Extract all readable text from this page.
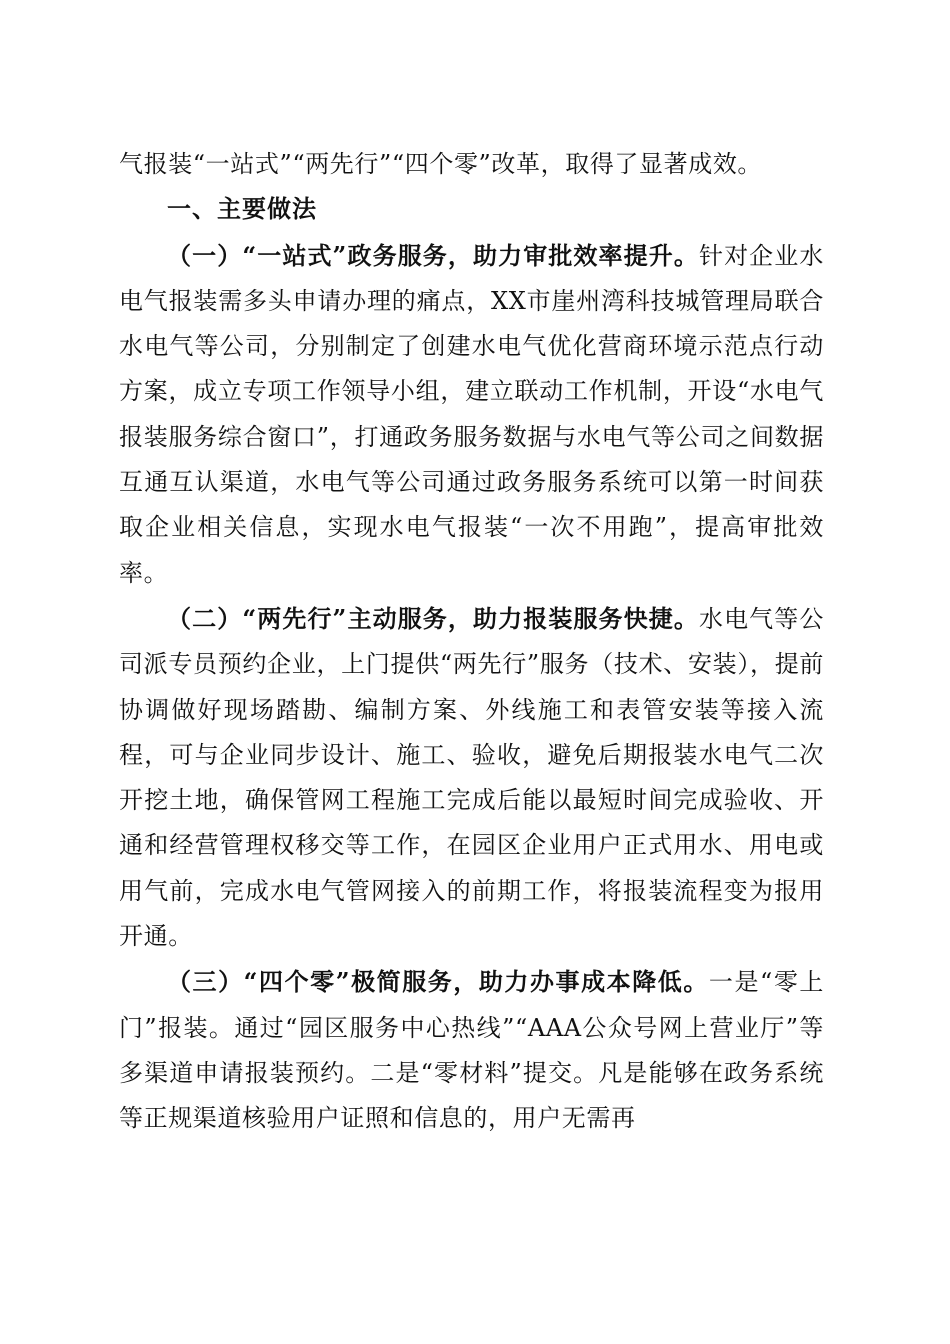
气报装“一站式”“两先行”“四个零”改革，取得了显著成效。

一、主要做法

（一）“一站式”政务服务，助力审批效率提升。针对企业水电气报装需多头申请办理的痛点，XX市崖州湾科技城管理局联合水电气等公司，分别制定了创建水电气优化营商环境示范点行动方案，成立专项工作领导小组，建立联动工作机制，开设“水电气报装服务综合窗口”，打通政务服务数据与水电气等公司之间数据互通互认渠道，水电气等公司通过政务服务系统可以第一时间获取企业相关信息，实现水电气报装“一次不用跑”，提高审批效率。

（二）“两先行”主动服务，助力报装服务快捷。水电气等公司派专员预约企业，上门提供“两先行”服务（技术、安装），提前协调做好现场踏勘、编制方案、外线施工和表管安装等接入流程，可与企业同步设计、施工、验收，避免后期报装水电气二次开挖土地，确保管网工程施工完成后能以最短时间完成验收、开通和经营管理权移交等工作，在园区企业用户正式用水、用电或用气前，完成水电气管网接入的前期工作，将报装流程变为报用开通。

（三）“四个零”极简服务，助力办事成本降低。一是“零上门”报装。通过“园区服务中心热线”“AAA公众号网上营业厅”等多渠道申请报装预约。二是“零材料”提交。凡是能够在政务系统等正规渠道核验用户证照和信息的，用户无需再
